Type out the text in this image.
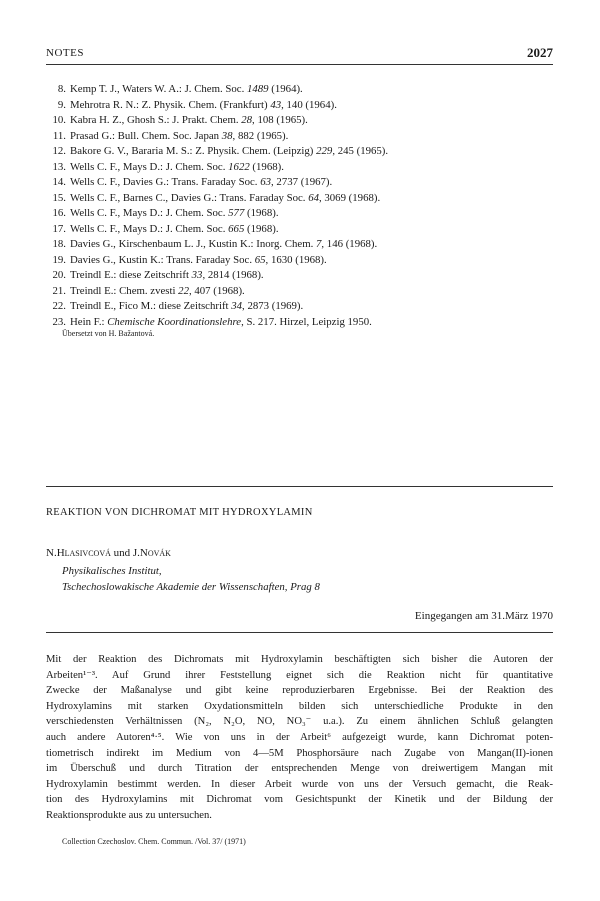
NOTES	2027
8. Kemp T. J., Waters W. A.: J. Chem. Soc. 1489 (1964).
9. Mehrotra R. N.: Z. Physik. Chem. (Frankfurt) 43, 140 (1964).
10. Kabra H. Z., Ghosh S.: J. Prakt. Chem. 28, 108 (1965).
11. Prasad G.: Bull. Chem. Soc. Japan 38, 882 (1965).
12. Bakore G. V., Bararia M. S.: Z. Physik. Chem. (Leipzig) 229, 245 (1965).
13. Wells C. F., Mays D.: J. Chem. Soc. 1622 (1968).
14. Wells C. F., Davies G.: Trans. Faraday Soc. 63, 2737 (1967).
15. Wells C. F., Barnes C., Davies G.: Trans. Faraday Soc. 64, 3069 (1968).
16. Wells C. F., Mays D.: J. Chem. Soc. 577 (1968).
17. Wells C. F., Mays D.: J. Chem. Soc. 665 (1968).
18. Davies G., Kirschenbaum L. J., Kustin K.: Inorg. Chem. 7, 146 (1968).
19. Davies G., Kustin K.: Trans. Faraday Soc. 65, 1630 (1968).
20. Treindl E.: diese Zeitschrift 33, 2814 (1968).
21. Treindl E.: Chem. zvesti 22, 407 (1968).
22. Treindl E., Fico M.: diese Zeitschrift 34, 2873 (1969).
23. Hein F.: Chemische Koordinationslehre, S. 217. Hirzel, Leipzig 1950.
Übersetzt von H. Bažantová.
REAKTION VON DICHROMAT MIT HYDROXYLAMIN
N.Hlasivcová und J.Novák
Physikalisches Institut,
Tschechoslowakische Akademie der Wissenschaften, Prag 8
Eingegangen am 31.März 1970

Mit der Reaktion des Dichromats mit Hydroxylamin beschäftigten sich bisher die Autoren der

Arbeiten¹⁻³. Auf Grund ihrer Feststellung eignet sich die Reaktion nicht für quantitative

Zwecke der Maßanalyse und gibt keine reproduzierbaren Ergebnisse. Bei der Reaktion des

Hydroxylamins mit starken Oxydationsmitteln bilden sich unterschiedliche Produkte in den

verschiedensten Verhältnissen (N₂, N₂O, NO, NO₃⁻ u.a.). Zu einem ähnlichen Schluß gelangten

auch andere Autoren⁴·⁵. Wie von uns in der Arbeit⁶ aufgezeigt wurde, kann Dichromat poten-

tiometrisch indirekt im Medium von 4—5M Phosphorsäure nach Zugabe von Mangan(II)-ionen

im Überschuß und durch Titration der entsprechenden Menge von dreiwertigem Mangan mit

Hydroxylamin bestimmt werden. In dieser Arbeit wurde von uns der Versuch gemacht, die Reak-

tion des Hydroxylamins mit Dichromat vom Gesichtspunkt der Kinetik und der Bildung der

Reaktionsprodukte aus zu untersuchen.

Collection Czechoslov. Chem. Commun. /Vol. 37/ (1971)
